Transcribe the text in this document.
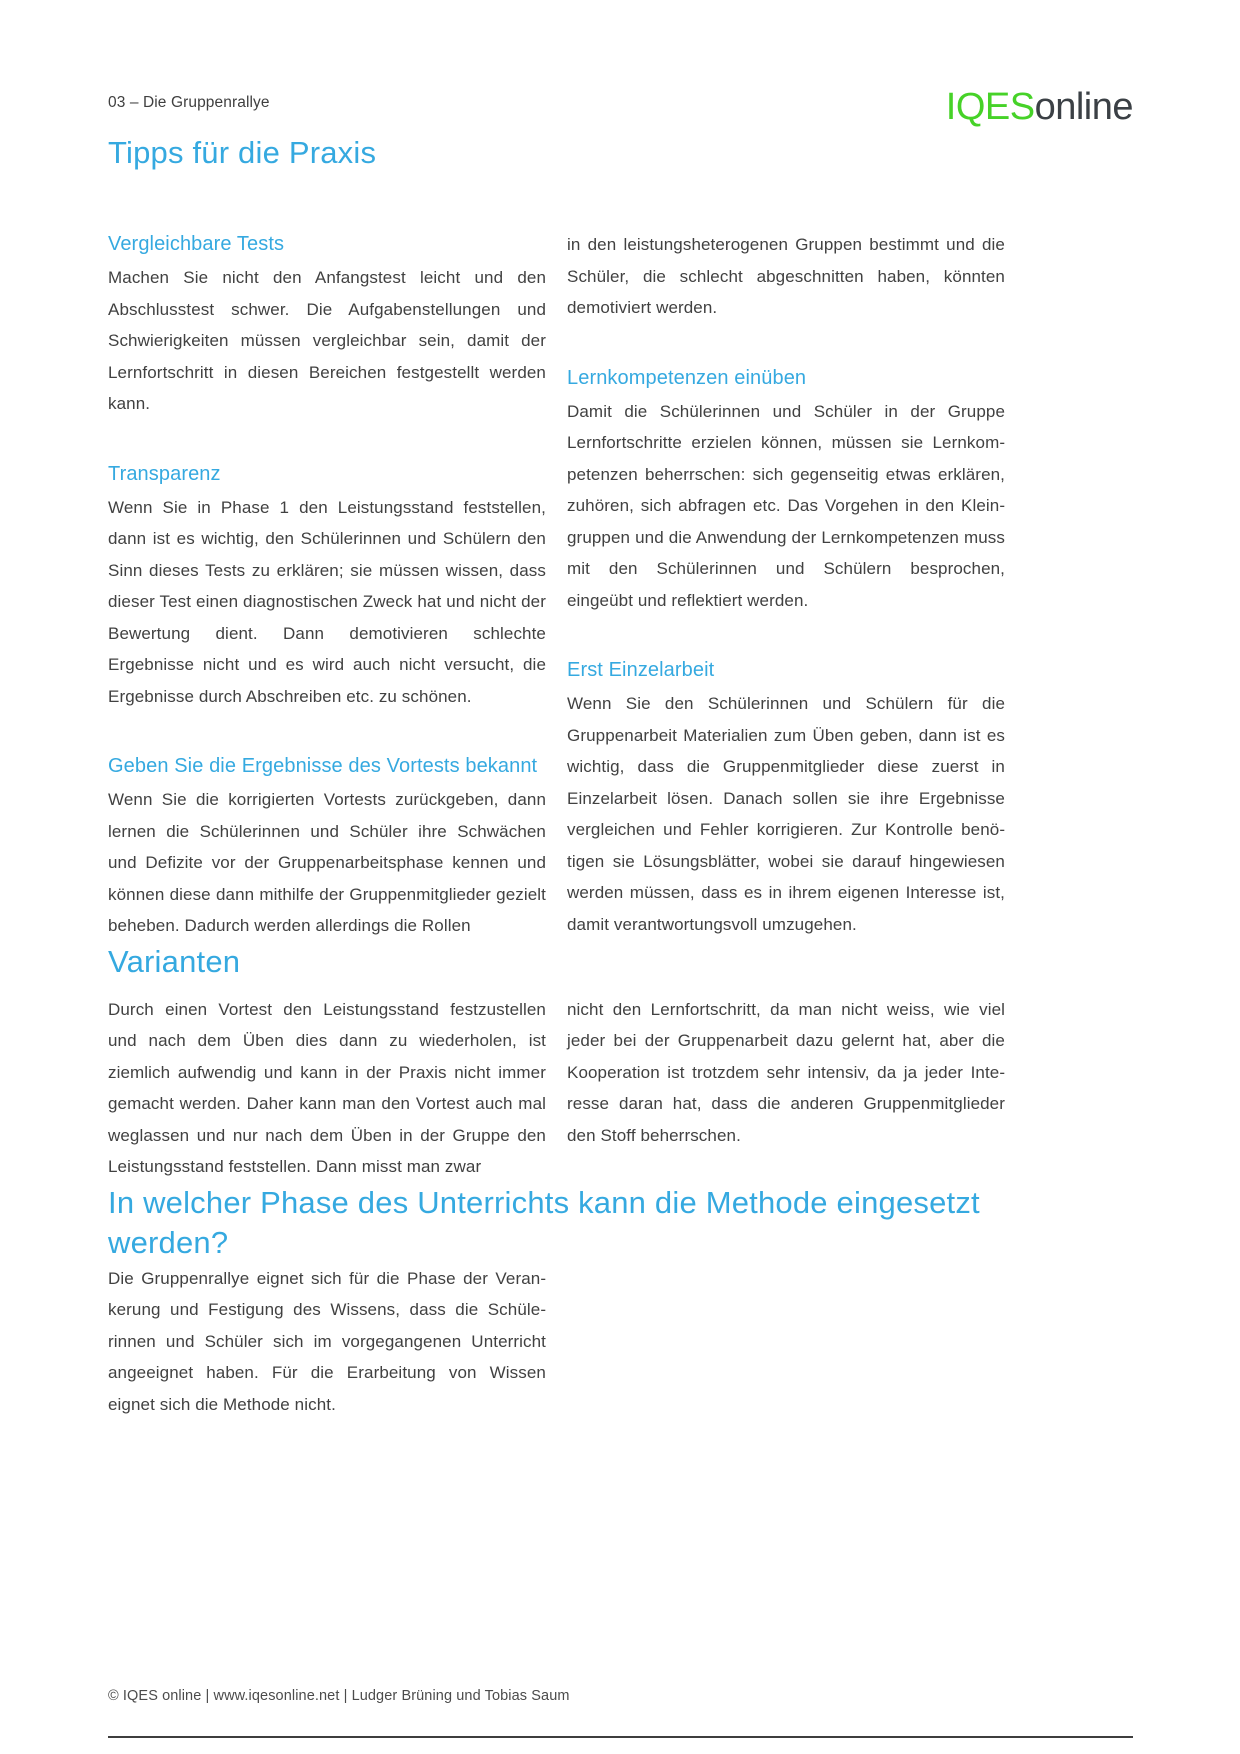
03 – Die Gruppenrallye	IQESonline
Tipps für die Praxis
Vergleichbare Tests

Machen Sie nicht den Anfangstest leicht und den Abschlusstest schwer. Die Aufgabenstellungen und Schwierigkeiten müssen vergleichbar sein, damit der Lernfortschritt in diesen Bereichen festgestellt werden kann.

Transparenz

Wenn Sie in Phase 1 den Leistungsstand feststellen, dann ist es wichtig, den Schülerinnen und Schülern den Sinn dieses Tests zu erklären; sie müssen wissen, dass dieser Test einen diagnostischen Zweck hat und nicht der Bewertung dient. Dann demotivieren schlechte Ergebnisse nicht und es wird auch nicht versucht, die Ergebnisse durch Abschreiben etc. zu schönen.

Geben Sie die Ergebnisse des Vortests bekannt

Wenn Sie die korrigierten Vortests zurückgeben, dann lernen die Schülerinnen und Schüler ihre Schwächen und Defizite vor der Gruppenarbeitsphase kennen und können diese dann mithilfe der Gruppenmitglieder gezielt beheben. Dadurch werden allerdings die Rollen

in den leistungsheterogenen Gruppen bestimmt und die Schüler, die schlecht abgeschnitten haben, könnten demotiviert werden.

Lernkompetenzen einüben

Damit die Schülerinnen und Schüler in der Gruppe Lernfortschritte erzielen können, müssen sie Lernkompetenzen beherrschen: sich gegenseitig etwas erklären, zuhören, sich abfragen etc. Das Vorgehen in den Kleingruppen und die Anwendung der Lernkompetenzen muss mit den Schülerinnen und Schülern besprochen, eingeübt und reflektiert werden.

Erst Einzelarbeit

Wenn Sie den Schülerinnen und Schülern für die Gruppenarbeit Materialien zum Üben geben, dann ist es wichtig, dass die Gruppenmitglieder diese zuerst in Einzelarbeit lösen. Danach sollen sie ihre Ergebnisse vergleichen und Fehler korrigieren. Zur Kontrolle benötigen sie Lösungsblätter, wobei sie darauf hingewiesen werden müssen, dass es in ihrem eigenen Interesse ist, damit verantwortungsvoll umzugehen.

Varianten

Durch einen Vortest den Leistungsstand festzustellen und nach dem Üben dies dann zu wiederholen, ist ziemlich aufwendig und kann in der Praxis nicht immer gemacht werden. Daher kann man den Vortest auch mal weglassen und nur nach dem Üben in der Gruppe den Leistungsstand feststellen. Dann misst man zwar

nicht den Lernfortschritt, da man nicht weiss, wie viel jeder bei der Gruppenarbeit dazu gelernt hat, aber die Kooperation ist trotzdem sehr intensiv, da ja jeder Interesse daran hat, dass die anderen Gruppenmitglieder den Stoff beherrschen.

In welcher Phase des Unterrichts kann die Methode eingesetzt werden?

Die Gruppenrallye eignet sich für die Phase der Verankerung und Festigung des Wissens, dass die Schülerinnen und Schüler sich im vorgegangenen Unterricht angeeignet haben. Für die Erarbeitung von Wissen eignet sich die Methode nicht.

© IQES online | www.iqesonline.net | Ludger Brüning und Tobias Saum
